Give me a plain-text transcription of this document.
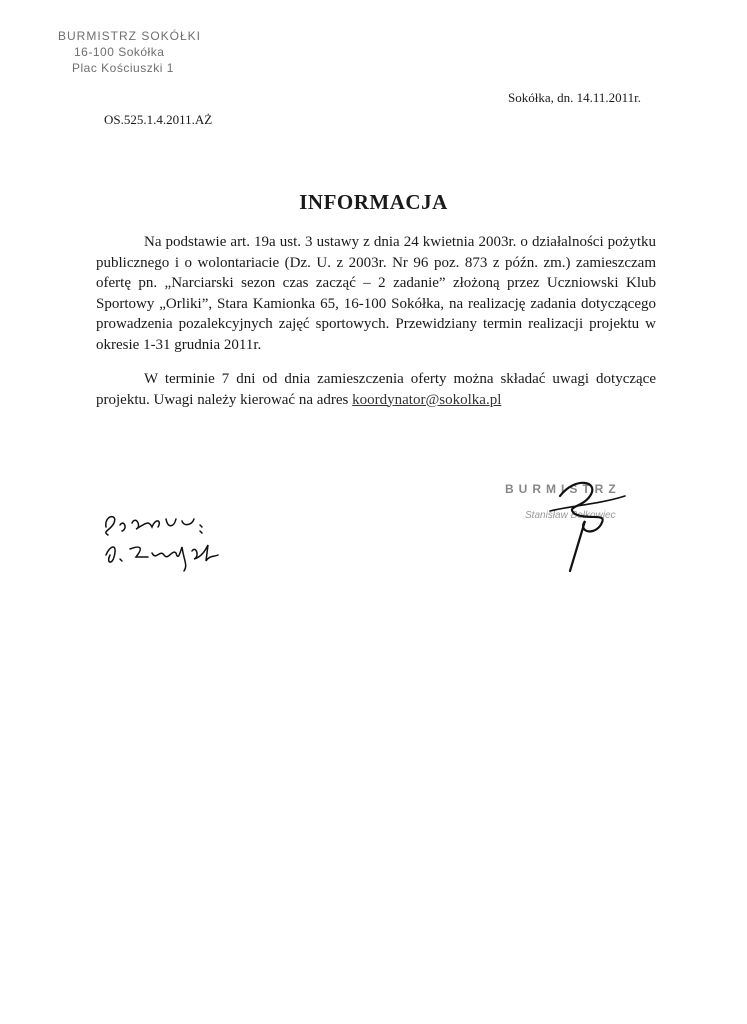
BURMISTRZ SOKÓŁKI
16-100 Sokółka
Plac Kościuszki 1
Sokółka, dn. 14.11.2011r.
OS.525.1.4.2011.AŻ
INFORMACJA

Na podstawie art. 19a ust. 3 ustawy z dnia 24 kwietnia 2003r. o działalności pożytku publicznego i o wolontariacie (Dz. U. z 2003r. Nr 96 poz. 873 z późn. zm.) zamieszczam ofertę pn. „Narciarski sezon czas zacząć – 2 zadanie” złożoną przez Uczniowski Klub Sportowy „Orliki”, Stara Kamionka 65, 16-100 Sokółka, na realizację zadania dotyczącego prowadzenia pozalekcyjnych zajęć sportowych. Przewidziany termin realizacji projektu w okresie 1-31 grudnia 2011r.

W terminie 7 dni od dnia zamieszczenia oferty można składać uwagi dotyczące projektu. Uwagi należy kierować na adres koordynator@sokolka.pl

BURMISTRZ
Stanisław Bołkowiec
